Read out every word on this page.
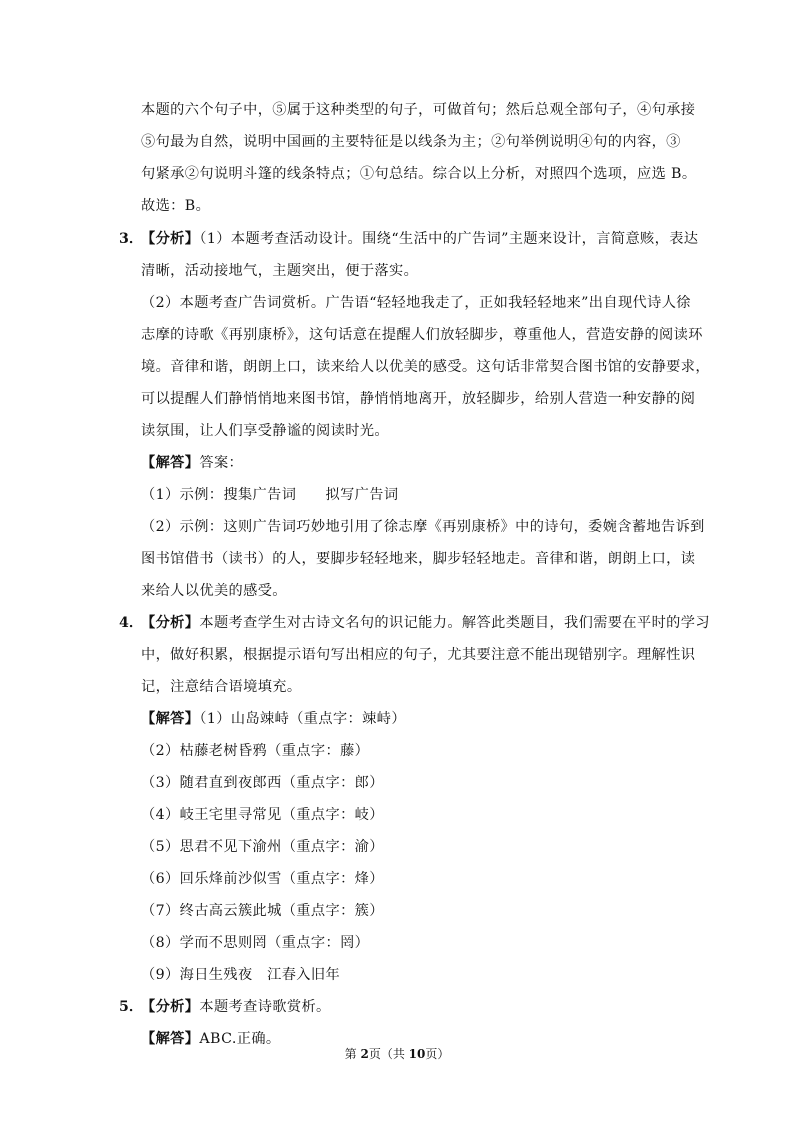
本题的六个句子中，⑤属于这种类型的句子，可做首句；然后总观全部句子，④句承接
⑤句最为自然，说明中国画的主要特征是以线条为主；②句举例说明④句的内容，③
句紧承②句说明斗篷的线条特点；①句总结。综合以上分析，对照四个选项，应选 B。
故选：B。
3．
【分析】（1）本题考查活动设计。围绕“生活中的广告词”主题来设计，言简意赅，表达
清晰，活动接地气，主题突出，便于落实。
（2）本题考查广告词赏析。广告语“轻轻地我走了，正如我轻轻地来”出自现代诗人徐
志摩的诗歌《再别康桥》，这句话意在提醒人们放轻脚步，尊重他人，营造安静的阅读环
境。音律和谐，朗朗上口，读来给人以优美的感受。这句话非常契合图书馆的安静要求，
可以提醒人们静悄悄地来图书馆，静悄悄地离开，放轻脚步，给别人营造一种安静的阅
读氛围，让人们享受静谧的阅读时光。
【解答】答案：
（1）示例：搜集广告词　　拟写广告词
（2）示例：这则广告词巧妙地引用了徐志摩《再别康桥》中的诗句，委婉含蓄地告诉到
图书馆借书（读书）的人，要脚步轻轻地来，脚步轻轻地走。音律和谐，朗朗上口，读
来给人以优美的感受。
4．
【分析】本题考查学生对古诗文名句的识记能力。解答此类题目，我们需要在平时的学习
中，做好积累，根据提示语句写出相应的句子，尤其要注意不能出现错别字。理解性识
记，注意结合语境填充。
【解答】（1）山岛竦峙（重点字：竦峙）
（2）枯藤老树昏鸦（重点字：藤）
（3）随君直到夜郎西（重点字：郎）
（4）岐王宅里寻常见（重点字：岐）
（5）思君不见下渝州（重点字：渝）
（6）回乐烽前沙似雪（重点字：烽）
（7）终古高云簇此城（重点字：簇）
（8）学而不思则罔（重点字：罔）
（9）海日生残夜　江春入旧年
5．
【分析】本题考查诗歌赏析。
【解答】ABC.正确。
第 2页（共 10页）
